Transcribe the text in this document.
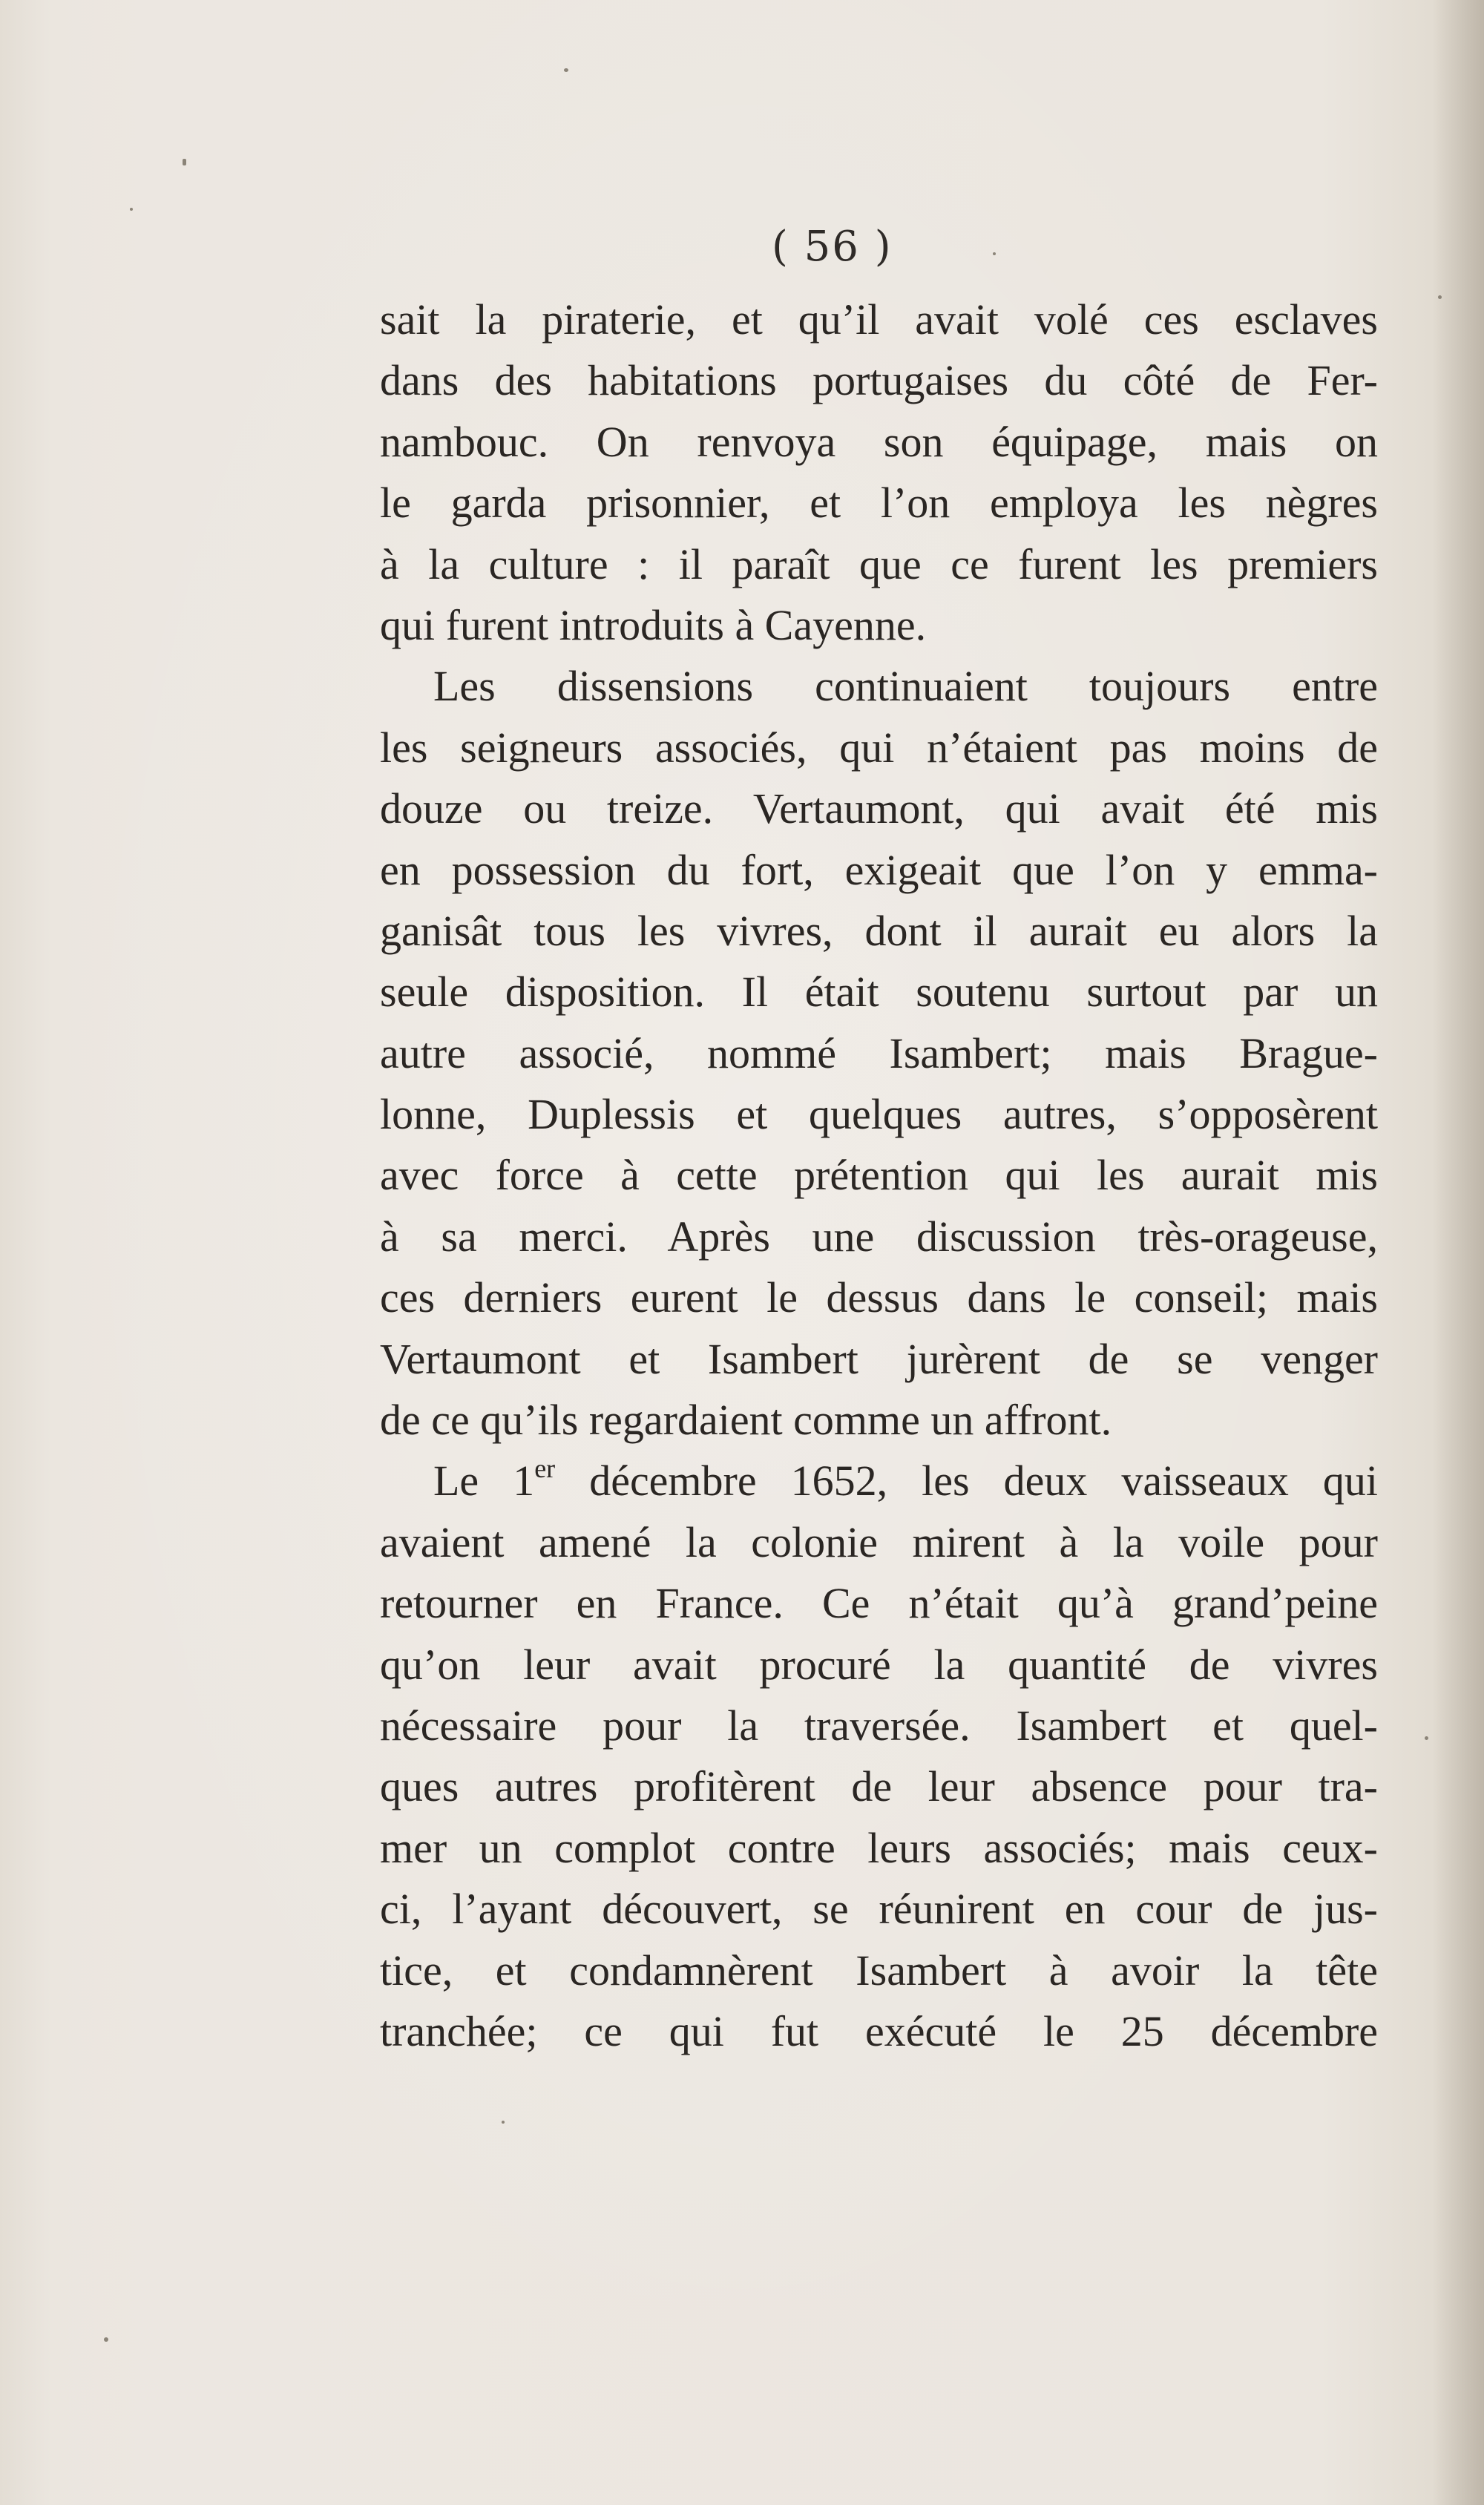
( 56 )
sait la piraterie, et qu’il avait volé ces esclaves
dans des habitations portugaises du côté de Fer-
nambouc. On renvoya son équipage, mais on
le garda prisonnier, et l’on employa les nègres
à la culture : il paraît que ce furent les premiers
qui furent introduits à Cayenne.
Les dissensions continuaient toujours entre
les seigneurs associés, qui n’étaient pas moins de
douze ou treize. Vertaumont, qui avait été mis
en possession du fort, exigeait que l’on y emma-
ganisât tous les vivres, dont il aurait eu alors la
seule disposition. Il était soutenu surtout par un
autre associé, nommé Isambert; mais Brague-
lonne, Duplessis et quelques autres, s’opposèrent
avec force à cette prétention qui les aurait mis
à sa merci. Après une discussion très-orageuse,
ces derniers eurent le dessus dans le conseil; mais
Vertaumont et Isambert jurèrent de se venger
de ce qu’ils regardaient comme un affront.
Le 1er décembre 1652, les deux vaisseaux qui
avaient amené la colonie mirent à la voile pour
retourner en France. Ce n’était qu’à grand’peine
qu’on leur avait procuré la quantité de vivres
nécessaire pour la traversée. Isambert et quel-
ques autres profitèrent de leur absence pour tra-
mer un complot contre leurs associés; mais ceux-
ci, l’ayant découvert, se réunirent en cour de jus-
tice, et condamnèrent Isambert à avoir la tête
tranchée; ce qui fut exécuté le 25 décembre
